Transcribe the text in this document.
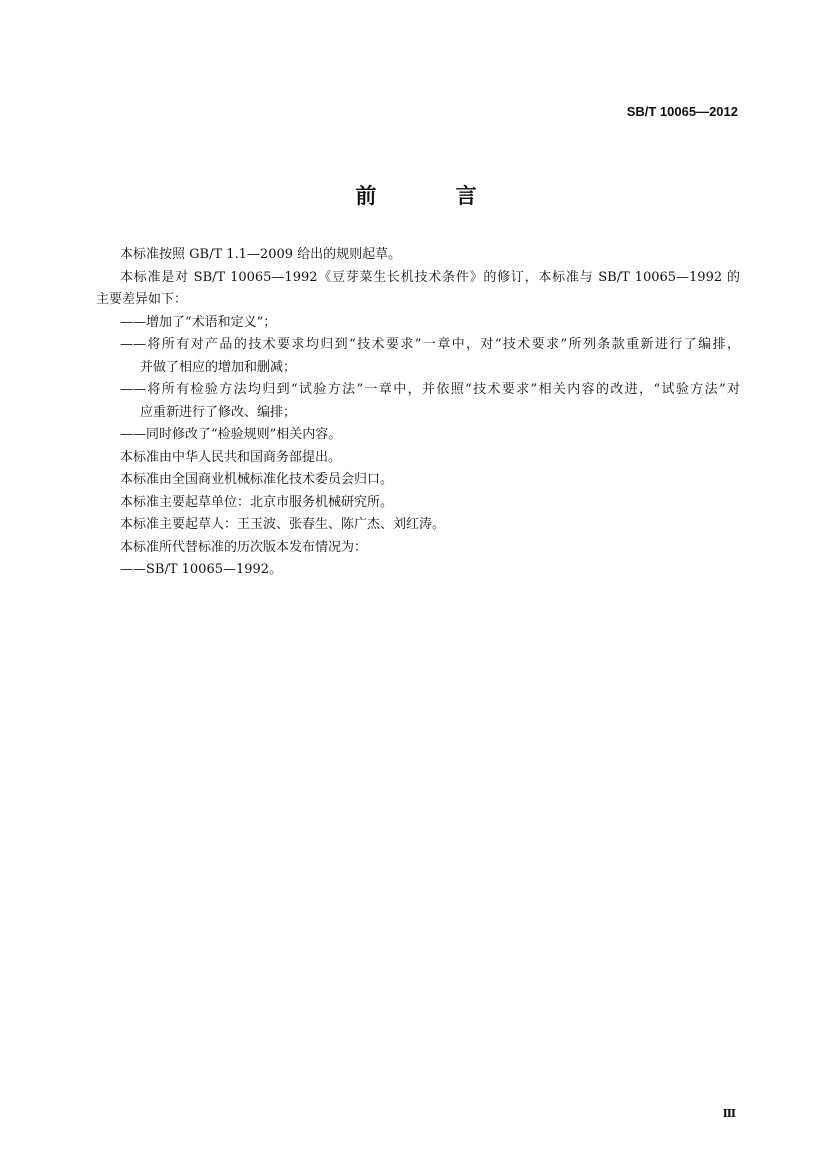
SB/T 10065—2012
前 言
本标准按照 GB/T 1.1—2009 给出的规则起草。
本标准是对 SB/T 10065—1992《豆芽菜生长机技术条件》的修订，本标准与 SB/T 10065—1992 的
主要差异如下：
——增加了“术语和定义”；
——将所有对产品的技术要求均归到“技术要求”一章中，对“技术要求”所列条款重新进行了编排，
并做了相应的增加和删减；
——将所有检验方法均归到“试验方法”一章中，并依照“技术要求”相关内容的改进，“试验方法”对
应重新进行了修改、编排；
——同时修改了“检验规则”相关内容。
本标准由中华人民共和国商务部提出。
本标准由全国商业机械标准化技术委员会归口。
本标准主要起草单位：北京市服务机械研究所。
本标准主要起草人：王玉波、张春生、陈广杰、刘红涛。
本标准所代替标准的历次版本发布情况为：
——SB/T 10065—1992。
Ⅲ
